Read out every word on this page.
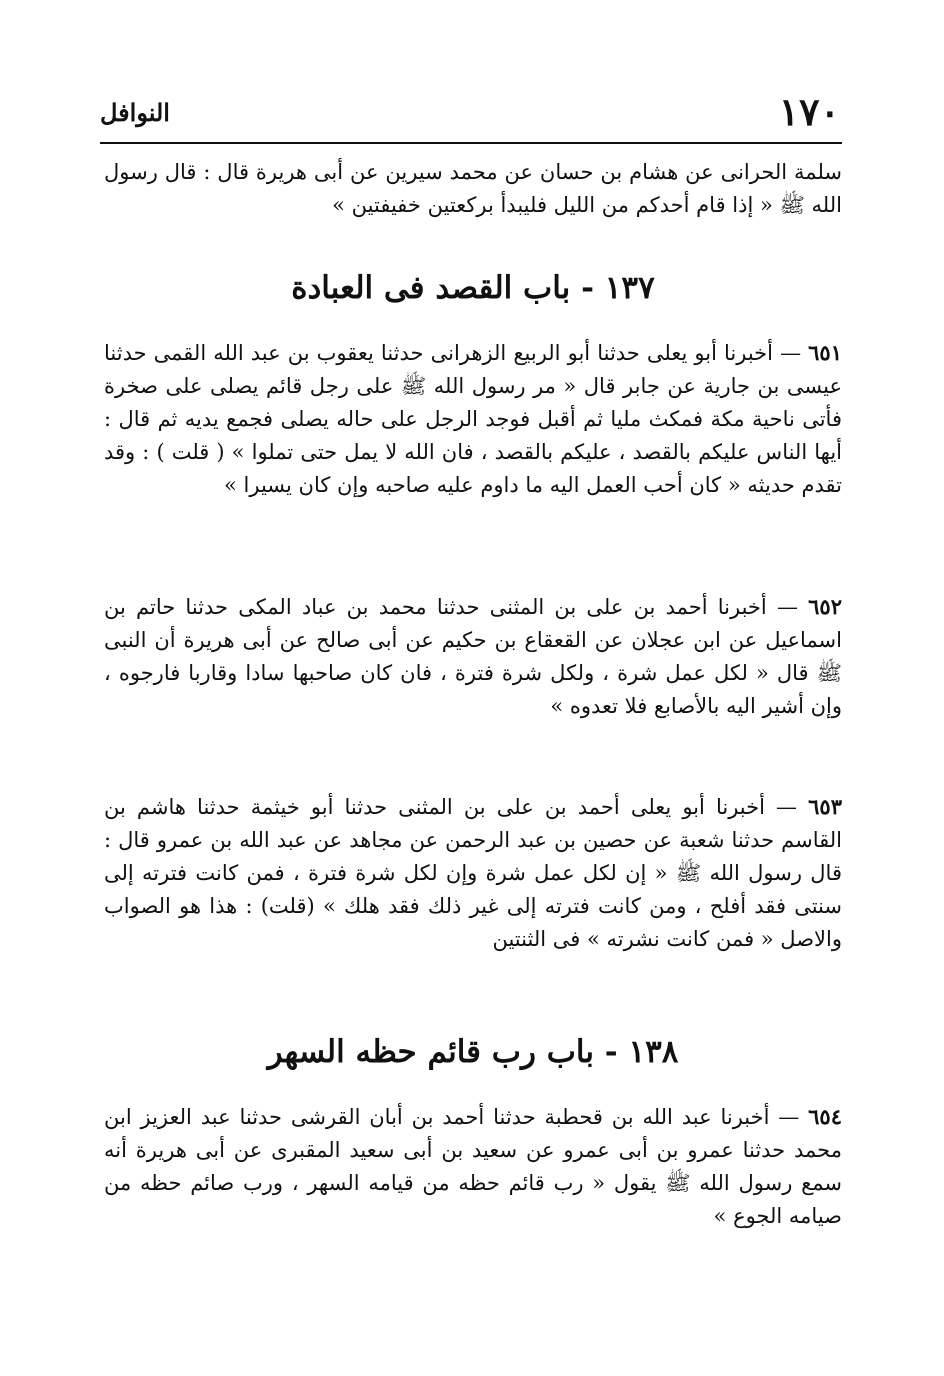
١٧٠
النوافل

سلمة الحرانى عن هشام بن حسان عن محمد سيرين عن أبى هريرة قال : قال رسول الله ﷺ « إذا قام أحدكم من الليل فليبدأ بركعتين خفيفتين »

١٣٧ - باب القصد فى العبادة

٦٥١ — أخبرنا أبو يعلى حدثنا أبو الربيع الزهرانى حدثنا يعقوب بن عبد الله القمى حدثنا عيسى بن جارية عن جابر قال « مر رسول الله ﷺ على رجل قائم يصلى على صخرة فأتى ناحية مكة فمكث مليا ثم أقبل فوجد الرجل على حاله يصلى فجمع يديه ثم قال : أيها الناس عليكم بالقصد ، عليكم بالقصد ، فان الله لا يمل حتى تملوا » ( قلت ) : وقد تقدم حديثه « كان أحب العمل اليه ما داوم عليه صاحبه وإن كان يسيرا »

٦٥٢ — أخبرنا أحمد بن على بن المثنى حدثنا محمد بن عباد المكى حدثنا حاتم بن اسماعيل عن ابن عجلان عن القعقاع بن حكيم عن أبى صالح عن أبى هريرة أن النبى ﷺ قال « لكل عمل شرة ، ولكل شرة فترة ، فان كان صاحبها سادا وقاربا فارجوه ، وإن أشير اليه بالأصابع فلا تعدوه »

٦٥٣ — أخبرنا أبو يعلى أحمد بن على بن المثنى حدثنا أبو خيثمة حدثنا هاشم بن القاسم حدثنا شعبة عن حصين بن عبد الرحمن عن مجاهد عن عبد الله بن عمرو قال : قال رسول الله ﷺ « إن لكل عمل شرة وإن لكل شرة فترة ، فمن كانت فترته إلى سنتى فقد أفلح ، ومن كانت فترته إلى غير ذلك فقد هلك » (قلت) : هذا هو الصواب والاصل « فمن كانت نشرته » فى الثنتين

١٣٨ - باب رب قائم حظه السهر

٦٥٤ — أخبرنا عبد الله بن قحطبة حدثنا أحمد بن أبان القرشى حدثنا عبد العزيز ابن محمد حدثنا عمرو بن أبى عمرو عن سعيد بن أبى سعيد المقبرى عن أبى هريرة أنه سمع رسول الله ﷺ يقول « رب قائم حظه من قيامه السهر ، ورب صائم حظه من صيامه الجوع »
